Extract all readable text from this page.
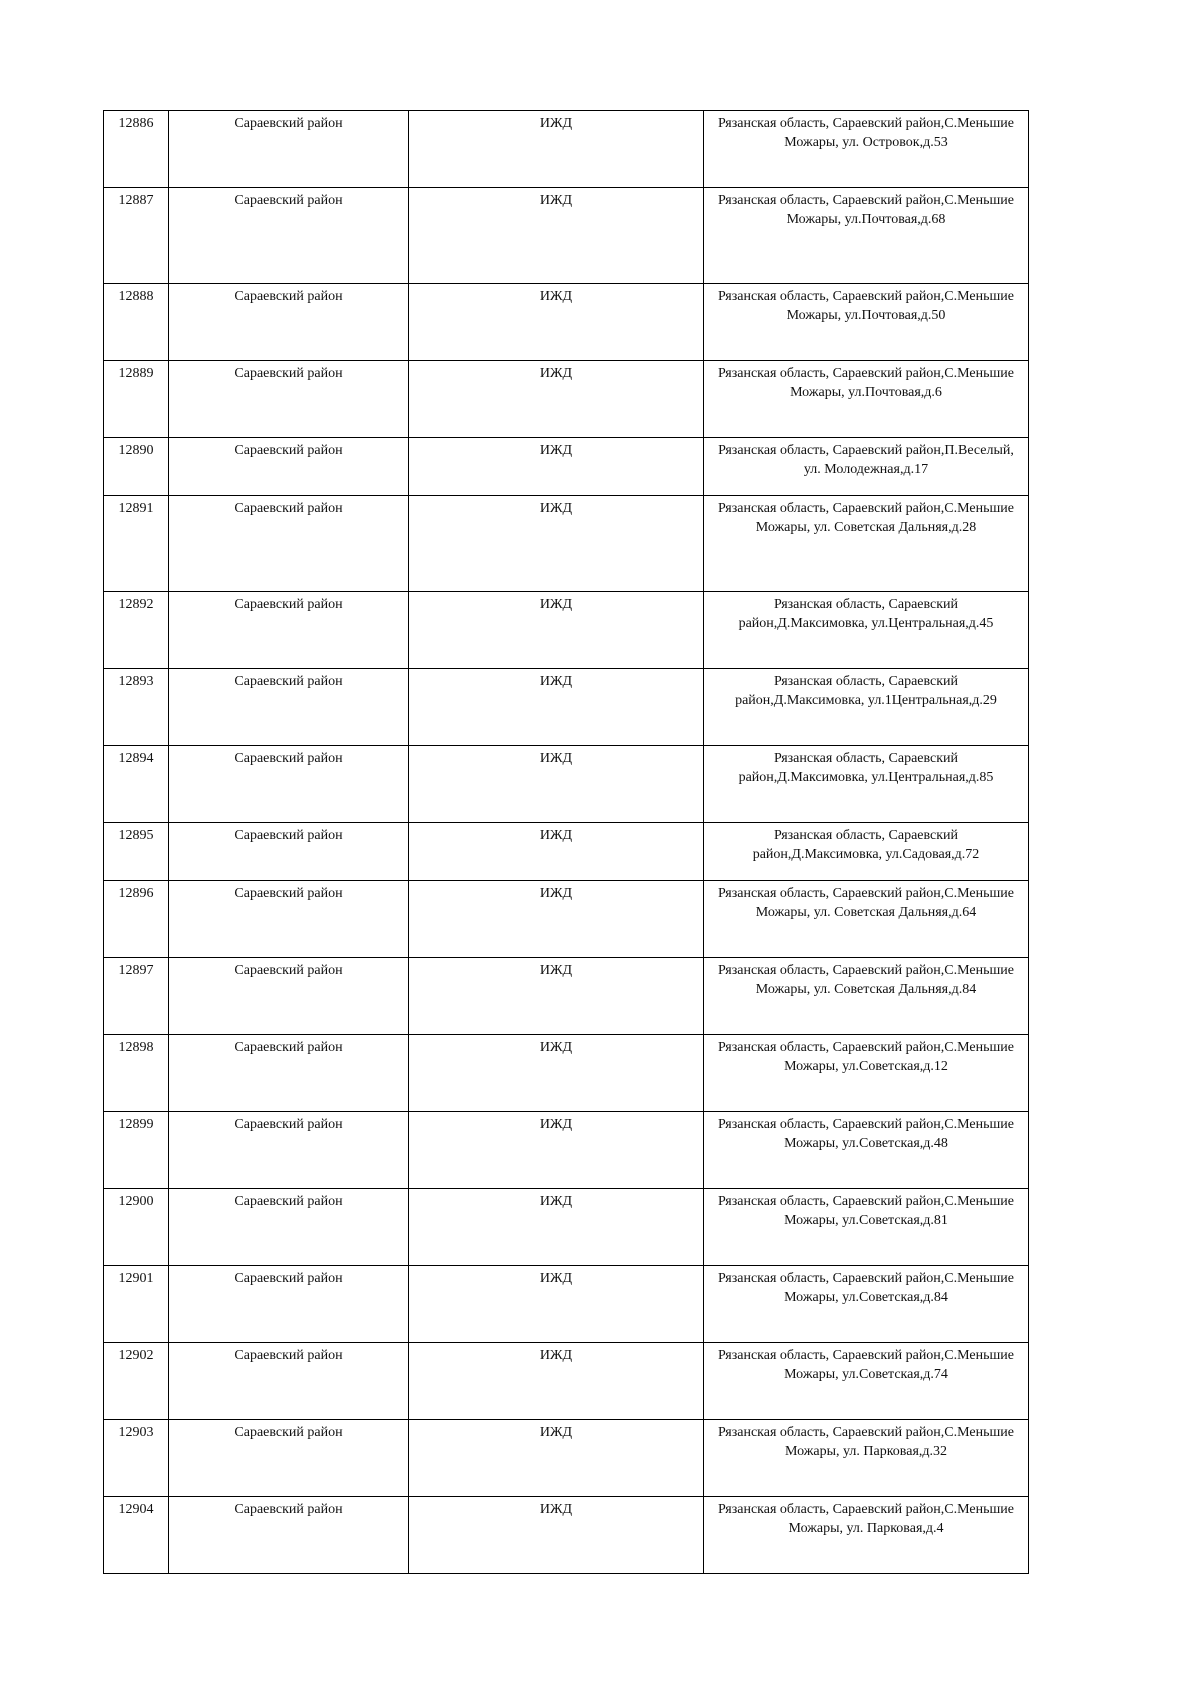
12886	Сараевский район	ИЖД	Рязанская область, Сараевский район,С.Меньшие Можары, ул. Островок,д.53
12887	Сараевский район	ИЖД	Рязанская область, Сараевский район,С.Меньшие Можары, ул.Почтовая,д.68
12888	Сараевский район	ИЖД	Рязанская область, Сараевский район,С.Меньшие Можары, ул.Почтовая,д.50
12889	Сараевский район	ИЖД	Рязанская область, Сараевский район,С.Меньшие Можары, ул.Почтовая,д.6
12890	Сараевский район	ИЖД	Рязанская область, Сараевский район,П.Веселый, ул. Молодежная,д.17
12891	Сараевский район	ИЖД	Рязанская область, Сараевский район,С.Меньшие Можары, ул. Советская Дальняя,д.28
12892	Сараевский район	ИЖД	Рязанская область, Сараевский район,Д.Максимовка, ул.Центральная,д.45
12893	Сараевский район	ИЖД	Рязанская область, Сараевский район,Д.Максимовка, ул.1Центральная,д.29
12894	Сараевский район	ИЖД	Рязанская область, Сараевский район,Д.Максимовка, ул.Центральная,д.85
12895	Сараевский район	ИЖД	Рязанская область, Сараевский район,Д.Максимовка, ул.Садовая,д.72
12896	Сараевский район	ИЖД	Рязанская область, Сараевский район,С.Меньшие Можары, ул. Советская Дальняя,д.64
12897	Сараевский район	ИЖД	Рязанская область, Сараевский район,С.Меньшие Можары, ул. Советская Дальняя,д.84
12898	Сараевский район	ИЖД	Рязанская область, Сараевский район,С.Меньшие Можары, ул.Советская,д.12
12899	Сараевский район	ИЖД	Рязанская область, Сараевский район,С.Меньшие Можары, ул.Советская,д.48
12900	Сараевский район	ИЖД	Рязанская область, Сараевский район,С.Меньшие Можары, ул.Советская,д.81
12901	Сараевский район	ИЖД	Рязанская область, Сараевский район,С.Меньшие Можары, ул.Советская,д.84
12902	Сараевский район	ИЖД	Рязанская область, Сараевский район,С.Меньшие Можары, ул.Советская,д.74
12903	Сараевский район	ИЖД	Рязанская область, Сараевский район,С.Меньшие Можары, ул. Парковая,д.32
12904	Сараевский район	ИЖД	Рязанская область, Сараевский район,С.Меньшие Можары, ул. Парковая,д.4
